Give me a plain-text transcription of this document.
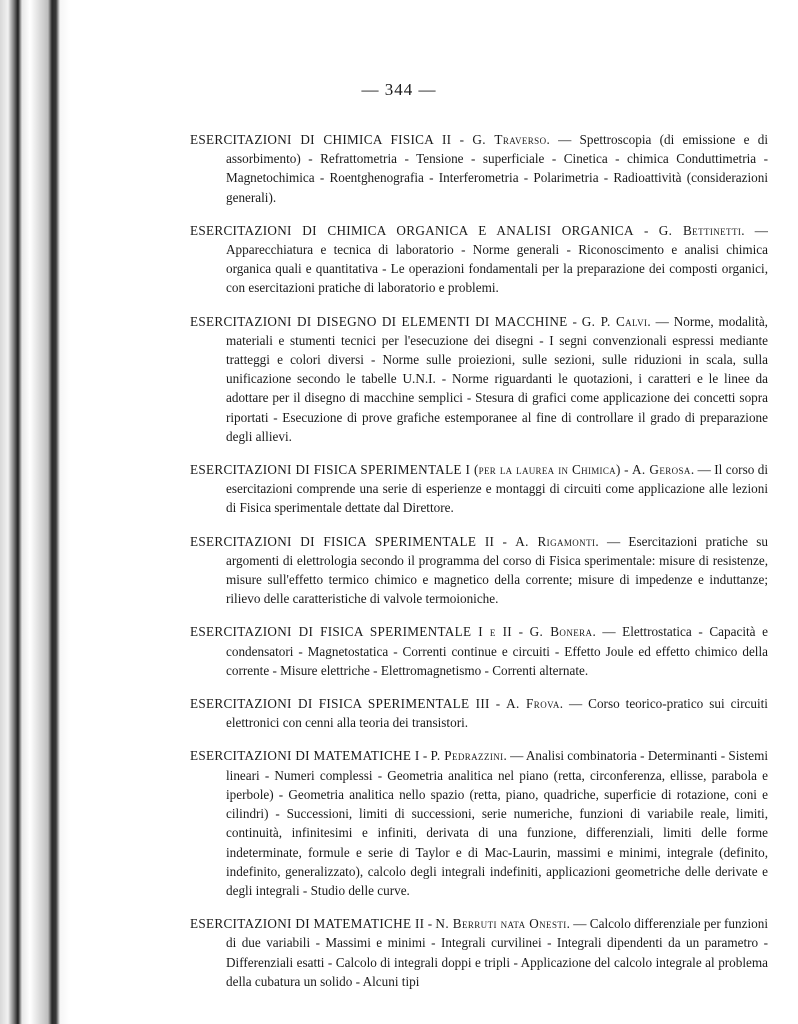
— 344 —

ESERCITAZIONI DI CHIMICA FISICA II - G. Traverso. — Spettroscopia (di emissione e di assorbimento) - Refrattometria - Tensione - superficiale - Cinetica - chimica Conduttimetria - Magnetochimica - Roentghenografia - Interferometria - Polarimetria - Radioattività (considerazioni generali).

ESERCITAZIONI DI CHIMICA ORGANICA E ANALISI ORGANICA - G. Bettinetti. — Apparecchiatura e tecnica di laboratorio - Norme generali - Riconoscimento e analisi chimica organica quali e quantitativa - Le operazioni fondamentali per la preparazione dei composti organici, con esercitazioni pratiche di laboratorio e problemi.

ESERCITAZIONI DI DISEGNO DI ELEMENTI DI MACCHINE - G. P. Calvi. — Norme, modalità, materiali e stumenti tecnici per l'esecuzione dei disegni - I segni convenzionali espressi mediante tratteggi e colori diversi - Norme sulle proiezioni, sulle sezioni, sulle riduzioni in scala, sulla unificazione secondo le tabelle U.N.I. - Norme riguardanti le quotazioni, i caratteri e le linee da adottare per il disegno di macchine semplici - Stesura di grafici come applicazione dei concetti sopra riportati - Esecuzione di prove grafiche estemporanee al fine di controllare il grado di preparazione degli allievi.

ESERCITAZIONI DI FISICA SPERIMENTALE I (per la laurea in Chimica) - A. Gerosa. — Il corso di esercitazioni comprende una serie di esperienze e montaggi di circuiti come applicazione alle lezioni di Fisica sperimentale dettate dal Direttore.

ESERCITAZIONI DI FISICA SPERIMENTALE II - A. Rigamonti. — Esercitazioni pratiche su argomenti di elettrologia secondo il programma del corso di Fisica sperimentale: misure di resistenze, misure sull'effetto termico chimico e magnetico della corrente; misure di impedenze e induttanze; rilievo delle caratteristiche di valvole termoioniche.

ESERCITAZIONI DI FISICA SPERIMENTALE I e II - G. Bonera. — Elettrostatica - Capacità e condensatori - Magnetostatica - Correnti continue e circuiti - Effetto Joule ed effetto chimico della corrente - Misure elettriche - Elettromagnetismo - Correnti alternate.

ESERCITAZIONI DI FISICA SPERIMENTALE III - A. Frova. — Corso teorico-pratico sui circuiti elettronici con cenni alla teoria dei transistori.

ESERCITAZIONI DI MATEMATICHE I - P. Pedrazzini. — Analisi combinatoria - Determinanti - Sistemi lineari - Numeri complessi - Geometria analitica nel piano (retta, circonferenza, ellisse, parabola e iperbole) - Geometria analitica nello spazio (retta, piano, quadriche, superficie di rotazione, coni e cilindri) - Successioni, limiti di successioni, serie numeriche, funzioni di variabile reale, limiti, continuità, infinitesimi e infiniti, derivata di una funzione, differenziali, limiti delle forme indeterminate, formule e serie di Taylor e di Mac-Laurin, massimi e minimi, integrale (definito, indefinito, generalizzato), calcolo degli integrali indefiniti, applicazioni geometriche delle derivate e degli integrali - Studio delle curve.

ESERCITAZIONI DI MATEMATICHE II - N. Berruti nata Onesti. — Calcolo differenziale per funzioni di due variabili - Massimi e minimi - Integrali curvilinei - Integrali dipendenti da un parametro - Differenziali esatti - Calcolo di integrali doppi e tripli - Applicazione del calcolo integrale al problema della cubatura un solido - Alcuni tipi
